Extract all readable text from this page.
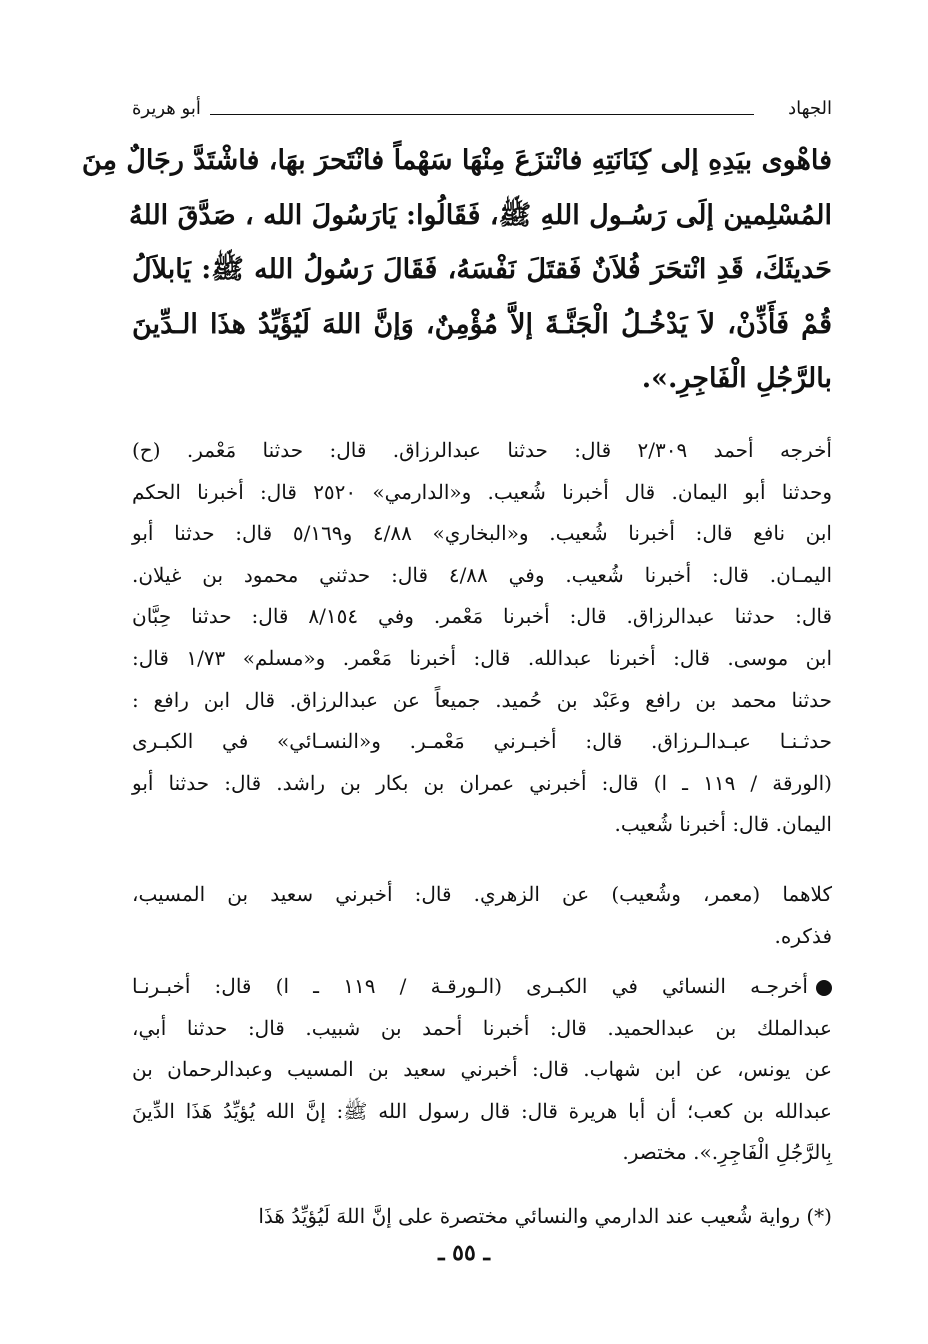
الجهاد
أبو هريرة
فاهْوى بيَدِهِ إلى كِنَانَتِهِ فانْتزَعَ مِنْهَا سَهْماً فانْتَحرَ بهَا، فاشْتَدَّ رجَالٌ مِنَ
المُسْلِمين إلَى رَسُـول اللهِ ﷺ، فَقَالُوا: يَارَسُولَ الله ، صَدَّقَ اللهُ
حَديثَكَ، قَدِ انْتحَرَ فُلاَنٌ فَقتَلَ نَفْسَهُ، فَقَالَ رَسُولُ الله ﷺ: يَابلاَلُ
قُمْ فَأَذِّنْ، لاَ يَدْخُـلُ الْجَنَّـةَ إلاَّ مُؤْمِنٌ، وَإنَّ اللهَ لَيُؤَيِّدُ هذَا الـدِّينَ
بالرَّجُلِ الْفَاجِرِ.».
أخرجه أحمد ٢/٣٠٩ قال: حدثنا عبدالرزاق. قال: حدثنا مَعْمر. (ح)
وحدثنا أبو اليمان. قال أخبرنا شُعيب. و«الدارمي» ٢٥٢٠ قال: أخبرنا الحكم
ابن نافع قال: أخبرنا شُعيب. و«البخاري» ٤/٨٨ و٥/١٦٩ قال: حدثنا أبو
اليمـان. قال: أخبرنا شُعيب. وفي ٤/٨٨ قال: حدثني محمود بن غيلان.
قال: حدثنا عبدالرزاق. قال: أخبرنا مَعْمر. وفي ٨/١٥٤ قال: حدثنا حِبَّان
ابن موسى. قال: أخبرنا عبدالله. قال: أخبرنا مَعْمر. و«مسلم» ١/٧٣ قال:
حدثنا محمد بن رافع وعَبْد بن حُميد. جميعاً عن عبدالرزاق. قال ابن رافع :
حدثـنـا عبـدالـرزاق. قال: أخبـرني مَعْمـر. و«النسـائي» في الكبـرى
(الورقة / ١١٩ ـ ا) قال: أخبرني عمران بن بكار بن راشد. قال: حدثنا أبو
اليمان. قال: أخبرنا شُعيب.
كلاهما (معمر، وشُعيب) عن الزهري. قال: أخبرني سعيد بن المسيب،
فذكره.
أخرجـه النسائي في الكبـرى (الـورقـة / ١١٩ ـ ا) قال: أخبـرنـا
عبدالملك بن عبدالحميد. قال: أخبرنا أحمد بن شبيب. قال: حدثنا أبي،
عن يونس، عن ابن شهاب. قال: أخبرني سعيد بن المسيب وعبدالرحمان بن
عبدالله بن كعب؛ أن أبا هريرة قال: قال رسول الله ﷺ: إنَّ الله يُؤيِّدُ هَذَا الدِّينَ
بِالرَّجُلِ الْفَاجِرِ.». مختصر.
(*) رواية شُعيب عند الدارمي والنسائي مختصرة على إنَّ اللهَ لَيُؤيِّدُ هَذَا
ـ ٥٥ ـ
